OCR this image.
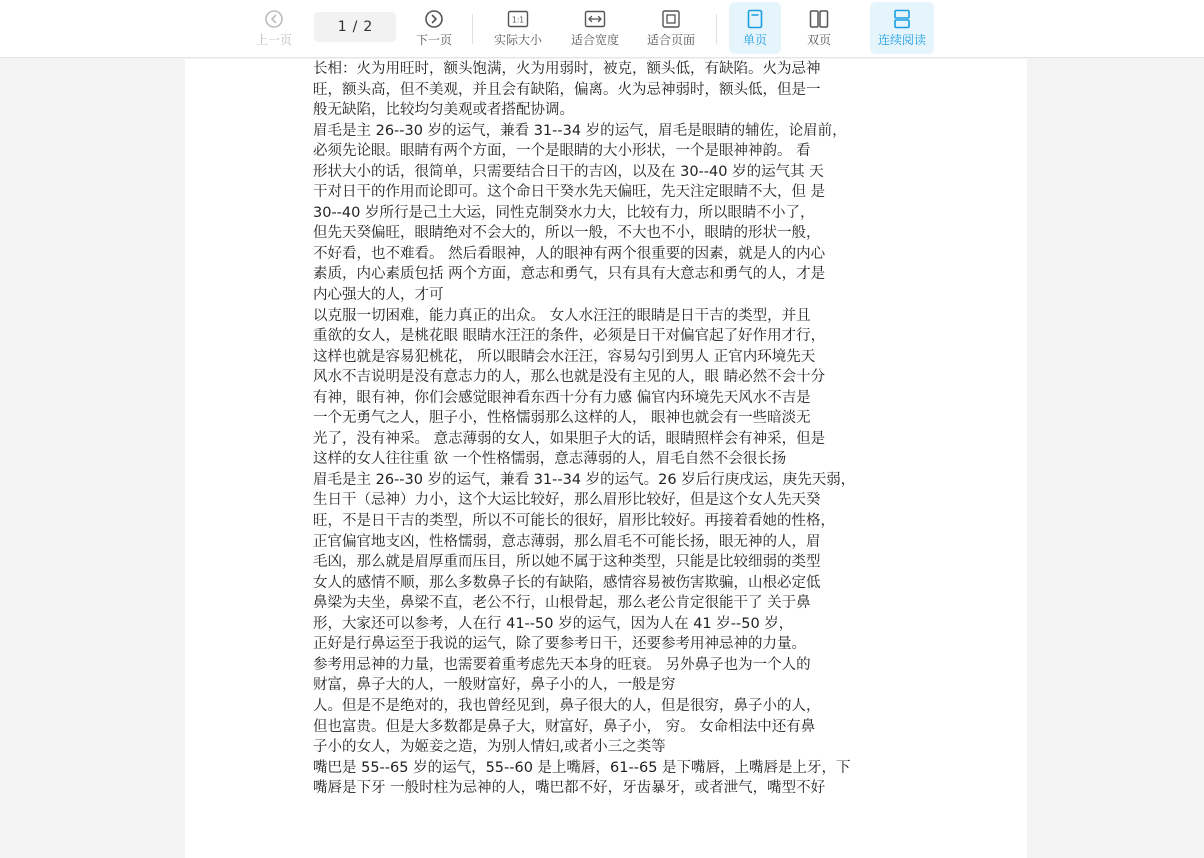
上一页
1 / 2
下一页
1:1
实际大小 适合宽度 适合页面	单页	双页	连续阅读
长相：火为用旺时，额头饱满，火为用弱时，被克，额头低，有缺陷。火为忌神
旺，额头高，但不美观，并且会有缺陷，偏离。火为忌神弱时，额头低，但是一
般无缺陷，比较均匀美观或者搭配协调。
眉毛是主 26--30 岁的运气，兼看 31--34 岁的运气，眉毛是眼睛的辅佐，论眉前，
必须先论眼。眼睛有两个方面，一个是眼睛的大小形状，一个是眼神神韵。 看
形状大小的话，很简单，只需要结合日干的吉凶，以及在 30--40 岁的运气其 天
干对日干的作用而论即可。这个命日干癸水先天偏旺，先天注定眼睛不大，但 是
30--40 岁所行是己土大运，同性克制癸水力大，比较有力，所以眼睛不小了，
但先天癸偏旺，眼睛绝对不会大的，所以一般，不大也不小，眼睛的形状一般，
不好看，也不难看。 然后看眼神，人的眼神有两个很重要的因素，就是人的内心
素质，内心素质包括 两个方面，意志和勇气，只有具有大意志和勇气的人，才是
内心强大的人，才可
以克服一切困难，能力真正的出众。 女人水汪汪的眼睛是日干吉的类型，并且
重欲的女人，是桃花眼 眼睛水汪汪的条件，必须是日干对偏官起了好作用才行，
这样也就是容易犯桃花， 所以眼睛会水汪汪，容易勾引到男人 正官内环境先天
风水不吉说明是没有意志力的人，那么也就是没有主见的人，眼 睛必然不会十分
有神，眼有神，你们会感觉眼神看东西十分有力感 偏官内环境先天风水不吉是
一个无勇气之人，胆子小，性格懦弱那么这样的人， 眼神也就会有一些暗淡无
光了，没有神采。 意志薄弱的女人，如果胆子大的话，眼睛照样会有神采，但是
这样的女人往往重 欲 一个性格懦弱，意志薄弱的人，眉毛自然不会很长扬
眉毛是主 26--30 岁的运气，兼看 31--34 岁的运气。26 岁后行庚戌运，庚先天弱，
生日干（忌神）力小，这个大运比较好，那么眉形比较好，但是这个女人先天癸
旺，不是日干吉的类型，所以不可能长的很好，眉形比较好。再接着看她的性格，
正官偏官地支凶，性格懦弱，意志薄弱，那么眉毛不可能长扬，眼无神的人，眉
毛凶，那么就是眉厚重而压目，所以她不属于这种类型，只能是比较细弱的类型
女人的感情不顺，那么多数鼻子长的有缺陷，感情容易被伤害欺骗，山根必定低
鼻梁为夫坐，鼻梁不直，老公不行，山根骨起，那么老公肯定很能干了 关于鼻
形，大家还可以参考，人在行 41--50 岁的运气，因为人在 41 岁--50 岁，
正好是行鼻运至于我说的运气，除了要参考日干，还要参考用神忌神的力量。
参考用忌神的力量，也需要着重考虑先天本身的旺衰。 另外鼻子也为一个人的
财富，鼻子大的人，一般财富好，鼻子小的人，一般是穷
人。但是不是绝对的，我也曾经见到，鼻子很大的人，但是很穷，鼻子小的人，
但也富贵。但是大多数都是鼻子大，财富好，鼻子小， 穷。 女命相法中还有鼻
子小的女人，为姬妾之造，为别人情妇,或者小三之类等
嘴巴是 55--65 岁的运气，55--60 是上嘴唇，61--65 是下嘴唇，上嘴唇是上牙，下
嘴唇是下牙 一般时柱为忌神的人，嘴巴都不好，牙齿暴牙，或者泄气，嘴型不好
